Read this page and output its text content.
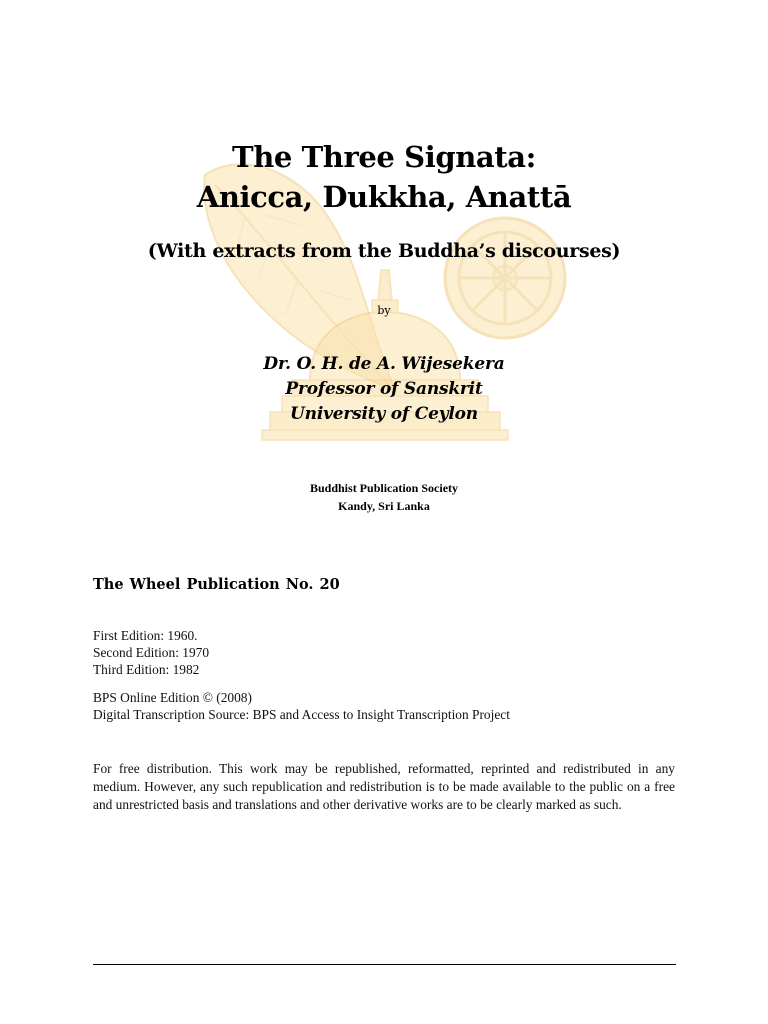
The Three Signata:
Anicca, Dukkha, Anattā
(With extracts from the Buddha’s discourses)
by
Dr. O. H. de A. Wijesekera
Professor of Sanskrit
University of Ceylon
Buddhist Publication Society
Kandy, Sri Lanka
The Wheel Publication No. 20
First Edition: 1960.
Second Edition: 1970
Third Edition: 1982
BPS Online Edition © (2008)
Digital Transcription Source: BPS and Access to Insight Transcription Project
For free distribution. This work may be republished, reformatted, reprinted and redistributed in any medium. However, any such republication and redistribution is to be made available to the public on a free and unrestricted basis and translations and other derivative works are to be clearly marked as such.
